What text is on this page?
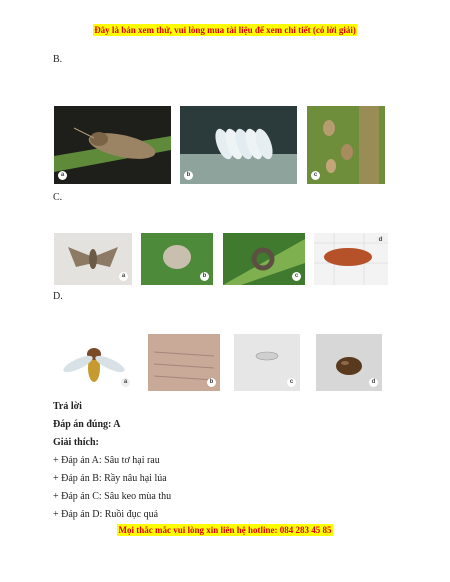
Đây là bản xem thử, vui lòng mua tài liệu để xem chi tiết (có lời giải)
B.
a	b	c
C.
a	b	c
d
D.
a	b	c	d
Trả lời
Đáp án đúng: A
Giải thích:
+ Đáp án A: Sâu tơ hại rau
+ Đáp án B: Rầy nâu hại lúa
+ Đáp án C: Sâu keo mùa thu
+ Đáp án D: Ruồi đục quả
Mọi thắc mắc vui lòng xin liên hệ hotline: 084 283 45 85
